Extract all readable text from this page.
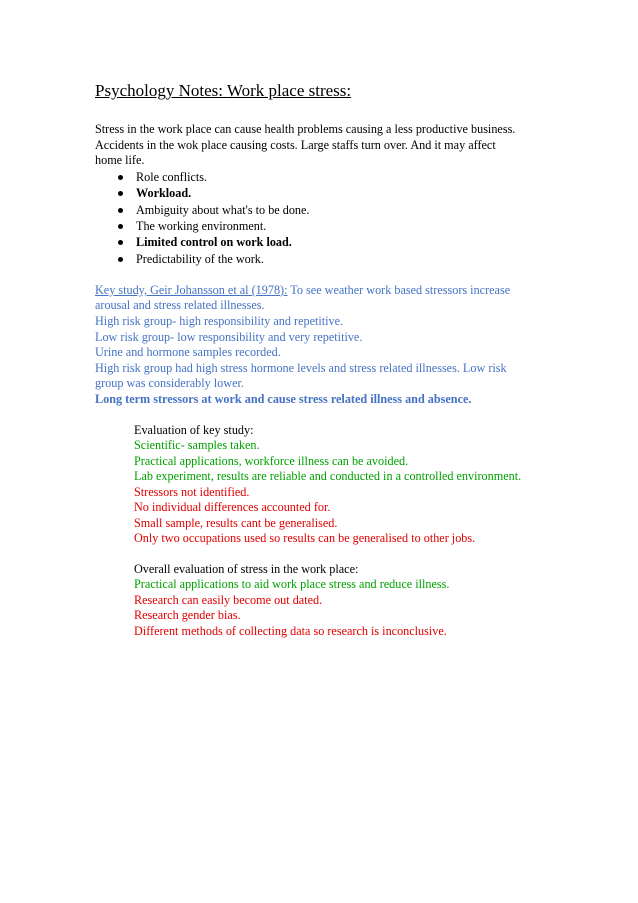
Psychology Notes: Work place stress:

Stress in the work place can cause health problems causing a less productive business.
Accidents in the wok place causing costs. Large staffs turn over. And it may affect
home life.

Role conflicts.
Workload.
Ambiguity about what's to be done.
The working environment.
Limited control on work load.
Predictability of the work.
Key study, Geir Johansson et al (1978): To see weather work based stressors increase
arousal and stress related illnesses.
High risk group- high responsibility and repetitive.
Low risk group- low responsibility and very repetitive.
Urine and hormone samples recorded.
High risk group had high stress hormone levels and stress related illnesses. Low risk
group was considerably lower.
Long term stressors at work and cause stress related illness and absence.
Evaluation of key study:
Scientific- samples taken.
Practical applications, workforce illness can be avoided.
Lab experiment, results are reliable and conducted in a controlled environment.
Stressors not identified.
No individual differences accounted for.
Small sample, results cant be generalised.
Only two occupations used so results can be generalised to other jobs.
Overall evaluation of stress in the work place:
Practical applications to aid work place stress and reduce illness.
Research can easily become out dated.
Research gender bias.
Different methods of collecting data so research is inconclusive.
